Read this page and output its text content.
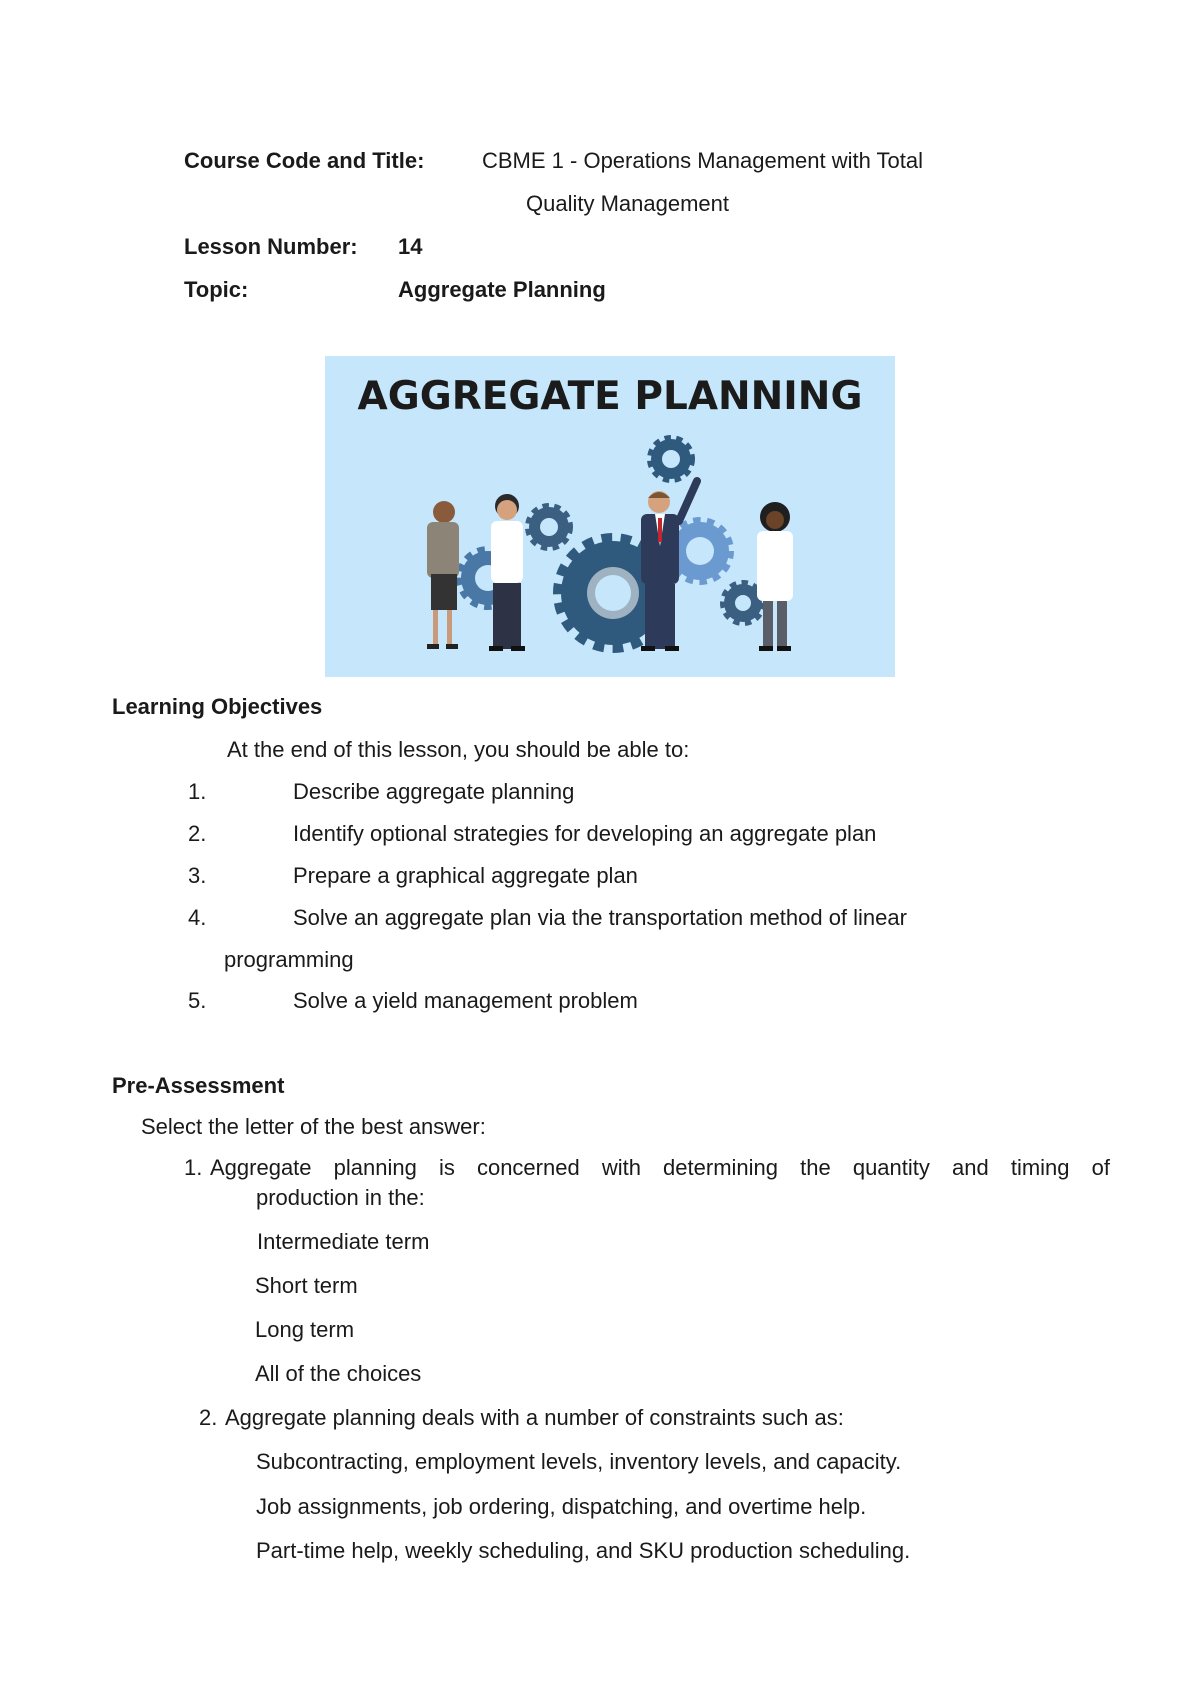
Course Code and Title:	CBME 1 - Operations Management with Total
Quality Management
Lesson Number: 14
Topic:	Aggregate Planning
AGGREGATE PLANNING
Learning Objectives
At the end of this lesson, you should be able to:
1.	Describe aggregate planning
2.	Identify optional strategies for developing an aggregate plan
3.	Prepare a graphical aggregate plan
4.	Solve an aggregate plan via the transportation method of linear
programming
5.	Solve a yield management problem
Pre-Assessment
Select the letter of the best answer:
1. Aggregate planning is concerned with determining the quantity and timing of
production in the:
Intermediate term
Short term
Long term
All of the choices
2. Aggregate planning deals with a number of constraints such as:
Subcontracting, employment levels, inventory levels, and capacity.
Job assignments, job ordering, dispatching, and overtime help.
Part-time help, weekly scheduling, and SKU production scheduling.
